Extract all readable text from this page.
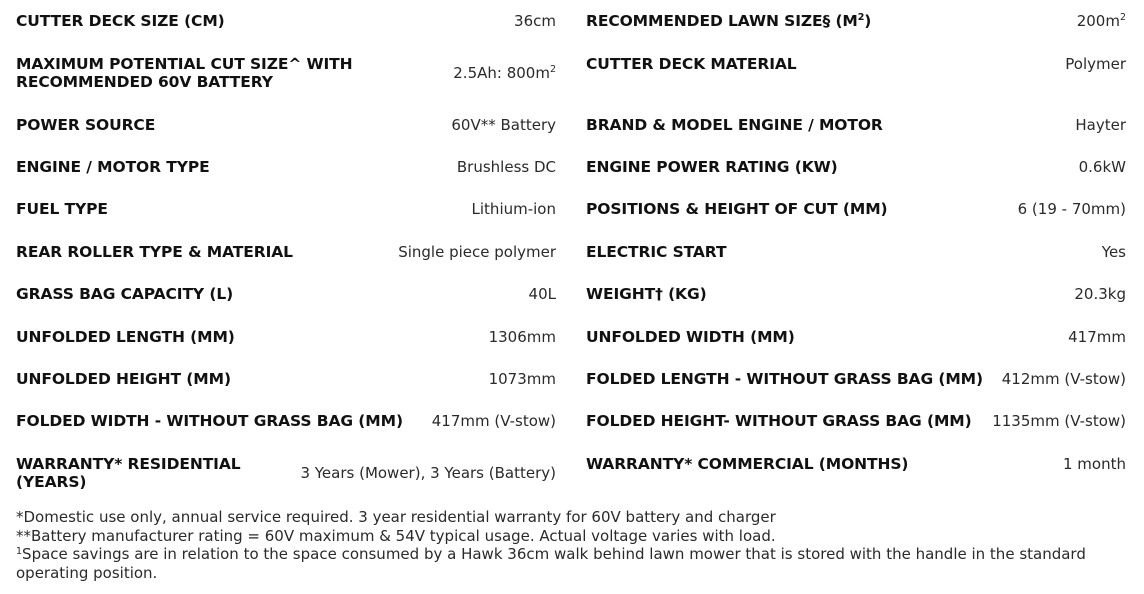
CUTTER DECK SIZE (CM)	36cm
MAXIMUM POTENTIAL CUT SIZE^ WITH
RECOMMENDED 60V BATTERY	2.5Ah: $800m^2$
POWER SOURCE	60V** Battery
ENGINE / MOTOR TYPE	Brushless DC
FUEL TYPE	Lithium-ion
REAR ROLLER TYPE & MATERIAL	Single piece polymer
GRASS BAG CAPACITY (L)	40L
UNFOLDED LENGTH (MM)	1306mm
UNFOLDED HEIGHT (MM)	1073mm
FOLDED WIDTH - WITHOUT GRASS BAG (MM) 417mm (V-stow)
WARRANTY* RESIDENTIAL
(YEARS)	3 Years (Mower), 3 Years (Battery)
RECOMMENDED LAWN SIZE§ $(M^2)$	$200m^2$
CUTTER DECK MATERIAL	Polymer
BRAND & MODEL ENGINE / MOTOR	Hayter
ENGINE POWER RATING (KW)	0.6kW
POSITIONS & HEIGHT OF CUT (MM)	6 (19 - 70mm)
ELECTRIC START	Yes
WEIGHT† (KG)	20.3kg
UNFOLDED WIDTH (MM)	417mm
FOLDED LENGTH - WITHOUT GRASS BAG (MM) 412mm (V-stow)
FOLDED HEIGHT- WITHOUT GRASS BAG (MM) 1135mm (V-stow)
WARRANTY* COMMERCIAL (MONTHS)	1 month

*Domestic use only, annual service required. 3 year residential warranty for 60V battery and charger

**Battery manufacturer rating = 60V maximum & 54V typical usage. Actual voltage varies with load.

$^1$Space savings are in relation to the space consumed by a Hawk 36cm walk behind lawn mower that is stored with the handle in the standard operating position.
